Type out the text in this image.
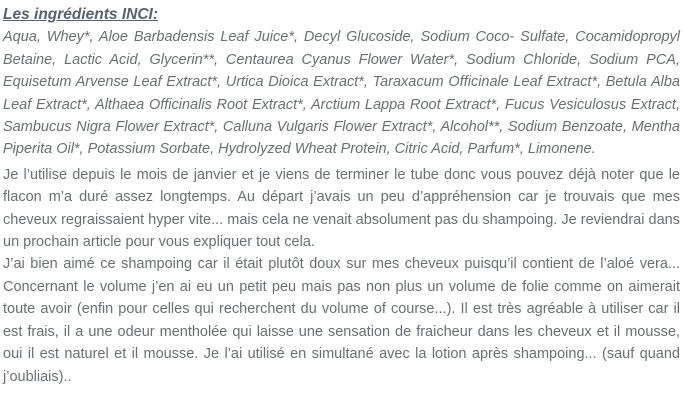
Les ingrédients INCI:

Aqua, Whey*, Aloe Barbadensis Leaf Juice*, Decyl Glucoside, Sodium Coco- Sulfate, Cocamidopropyl Betaine, Lactic Acid, Glycerin**, Centaurea Cyanus Flower Water*, Sodium Chloride, Sodium PCA, Equisetum Arvense Leaf Extract*, Urtica Dioica Extract*, Taraxacum Officinale Leaf Extract*, Betula Alba Leaf Extract*, Althaea Officinalis Root Extract*, Arctium Lappa Root Extract*, Fucus Vesiculosus Extract, Sambucus Nigra Flower Extract*, Calluna Vulgaris Flower Extract*, Alcohol**, Sodium Benzoate, Mentha Piperita Oil*, Potassium Sorbate, Hydrolyzed Wheat Protein, Citric Acid, Parfum*, Limonene.

Je l’utilise depuis le mois de janvier et je viens de terminer le tube donc vous pouvez déjà noter que le flacon m’a duré assez longtemps. Au départ j’avais un peu d’appréhension car je trouvais que mes cheveux regraissaient hyper vite... mais cela ne venait absolument pas du shampoing. Je reviendrai dans un prochain article pour vous expliquer tout cela.

J’ai bien aimé ce shampoing car il était plutôt doux sur mes cheveux puisqu’il contient de l’aloé vera... Concernant le volume j’en ai eu un petit peu mais pas non plus un volume de folie comme on aimerait toute avoir (enfin pour celles qui recherchent du volume of course...). Il est très agréable à utiliser car il est frais, il a une odeur mentholée qui laisse une sensation de fraicheur dans les cheveux et il mousse, oui il est naturel et il mousse. Je l’ai utilisé en simultané avec la lotion après shampoing... (sauf quand j’oubliais)..
